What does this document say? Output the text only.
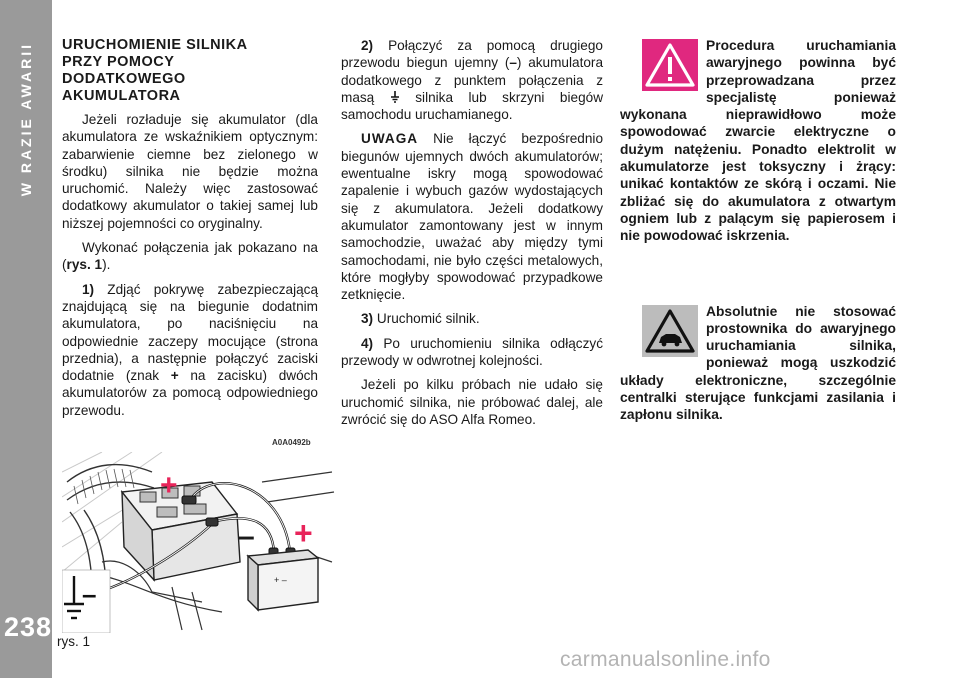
W RAZIE AWARII
238
URUCHOMIENIE SILNIKA
PRZY POMOCY
DODATKOWEGO
AKUMULATORA

Jeżeli rozładuje się akumulator (dla akumulatora ze wskaźnikiem optycznym: zabarwienie ciemne bez zielonego w środku) silnika nie będzie można uruchomić. Należy więc zastosować dodatkowy akumulator o takiej samej lub niższej pojemności co oryginalny.

Wykonać połączenia jak pokazano na (rys. 1).

1) Zdjąć pokrywę zabezpieczającą znajdującą się na biegunie dodatnim akumulatora, po naciśnięciu na odpowiednie zaczepy mocujące (strona przednia), a następnie połączyć zaciski dodatnie (znak + na zacisku) dwóch akumulatorów za pomocą odpowiedniego przewodu.

A0A0492b
+ –
+
+
–
–
rys. 1

2) Połączyć za pomocą drugiego przewodu biegun ujemny (–) akumulatora dodatkowego z punktem połączenia z masą	silnika lub skrzyni biegów samochodu uruchamianego.

UWAGA Nie łączyć bezpośrednio biegunów ujemnych dwóch akumulatorów; ewentualne iskry mogą spowodować zapalenie i wybuch gazów wydostających się z akumulatora. Jeżeli dodatkowy akumulator zamontowany jest w innym samochodzie, uważać aby między tymi samochodami, nie było części metalowych, które mogłyby spowodować przypadkowe zetknięcie.

3) Uruchomić silnik.

4) Po uruchomieniu silnika odłączyć przewody w odwrotnej kolejności.

Jeżeli po kilku próbach nie udało się uruchomić silnika, nie próbować dalej, ale zwrócić się do ASO Alfa Romeo.

Procedura uruchamiania awaryjnego powinna być przeprowadzana przez specjalistę ponieważ wykonana nieprawidłowo może spowodować zwarcie elektryczne o dużym natężeniu. Ponadto elektrolit w akumulatorze jest toksyczny i żrący: unikać kontaktów ze skórą i oczami. Nie zbliżać się do akumulatora z otwartym ogniem lub z palącym się papierosem i nie powodować iskrzenia.
Absolutnie nie stosować prostownika do awaryjnego uruchamiania silnika, ponieważ mogą uszkodzić układy elektroniczne, szczególnie centralki sterujące funkcjami zasilania i zapłonu silnika.
carmanualsonline.info
